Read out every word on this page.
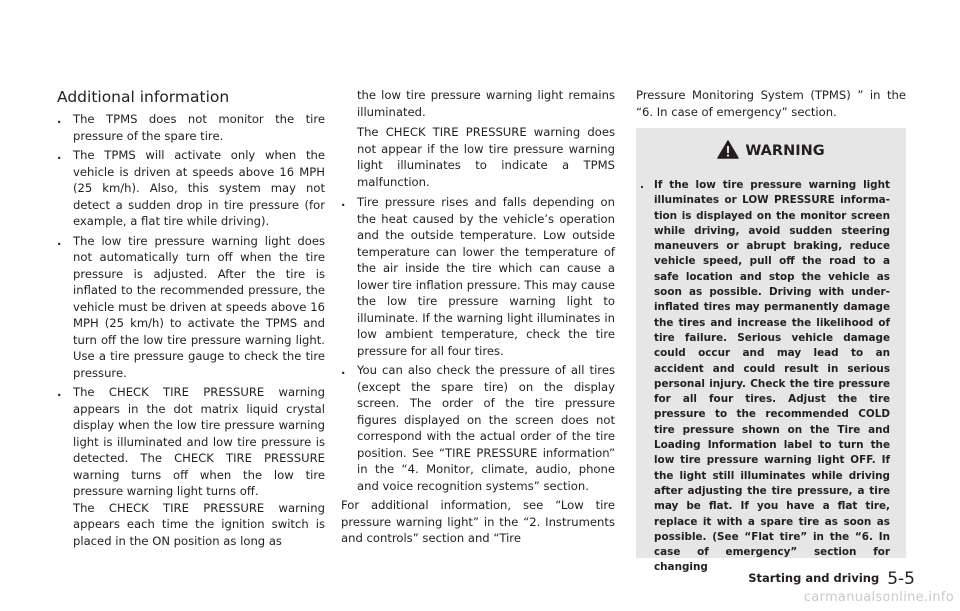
Additional information

. The TPMS does not monitor the tire pressure of the spare tire.

. The TPMS will activate only when the vehicle is driven at speeds above 16 MPH (25 km/h). Also, this system may not detect a sudden drop in tire pressure (for example, a flat tire while driving).

. The low tire pressure warning light does not automatically turn off when the tire pressure is adjusted. After the tire is inflated to the recommended pressure, the vehicle must be driven at speeds above 16 MPH (25 km/h) to activate the TPMS and turn off the low tire pressure warning light. Use a tire pressure gauge to check the tire pressure.

. The CHECK TIRE PRESSURE warning appears in the dot matrix liquid crystal display when the low tire pressure warning light is illuminated and low tire pressure is detected. The CHECK TIRE PRESSURE warning turns off when the low tire pressure warning light turns off.

The CHECK TIRE PRESSURE warning appears each time the ignition switch is placed in the ON position as long as

the low tire pressure warning light remains illuminated.

The CHECK TIRE PRESSURE warning does not appear if the low tire pressure warning light illuminates to indicate a TPMS malfunction.

. Tire pressure rises and falls depending on the heat caused by the vehicle’s operation and the outside temperature. Low outside temperature can lower the temperature of the air inside the tire which can cause a lower tire inflation pressure. This may cause the low tire pressure warning light to illuminate. If the warning light illuminates in low ambient temperature, check the tire pressure for all four tires.

. You can also check the pressure of all tires (except the spare tire) on the display screen. The order of the tire pressure figures displayed on the screen does not correspond with the actual order of the tire position. See “TIRE PRESSURE information” in the “4. Monitor, climate, audio, phone and voice recognition systems” section.

For additional information, see “Low tire pressure warning light” in the “2. Instruments and controls” section and “Tire

Pressure Monitoring System (TPMS) ” in the “6. In case of emergency” section.

WARNING
. If the low tire pressure warning light illuminates or LOW PRESSURE information is displayed on the monitor screen while driving, avoid sudden steering maneuvers or abrupt braking, reduce vehicle speed, pull off the road to a safe location and stop the vehicle as soon as possible. Driving with under-inflated tires may permanently damage the tires and increase the likelihood of tire failure. Serious vehicle damage could occur and may lead to an accident and could result in serious personal injury. Check the tire pressure for all four tires. Adjust the tire pressure to the recommended COLD tire pressure shown on the Tire and Loading Information label to turn the low tire pressure warning light OFF. If the light still illuminates while driving after adjusting the tire pressure, a tire may be flat. If you have a flat tire, replace it with a spare tire as soon as possible. (See “Flat tire” in the “6. In case of emergency” section for changing
Starting and driving 5-5
carmanualsonline.info
